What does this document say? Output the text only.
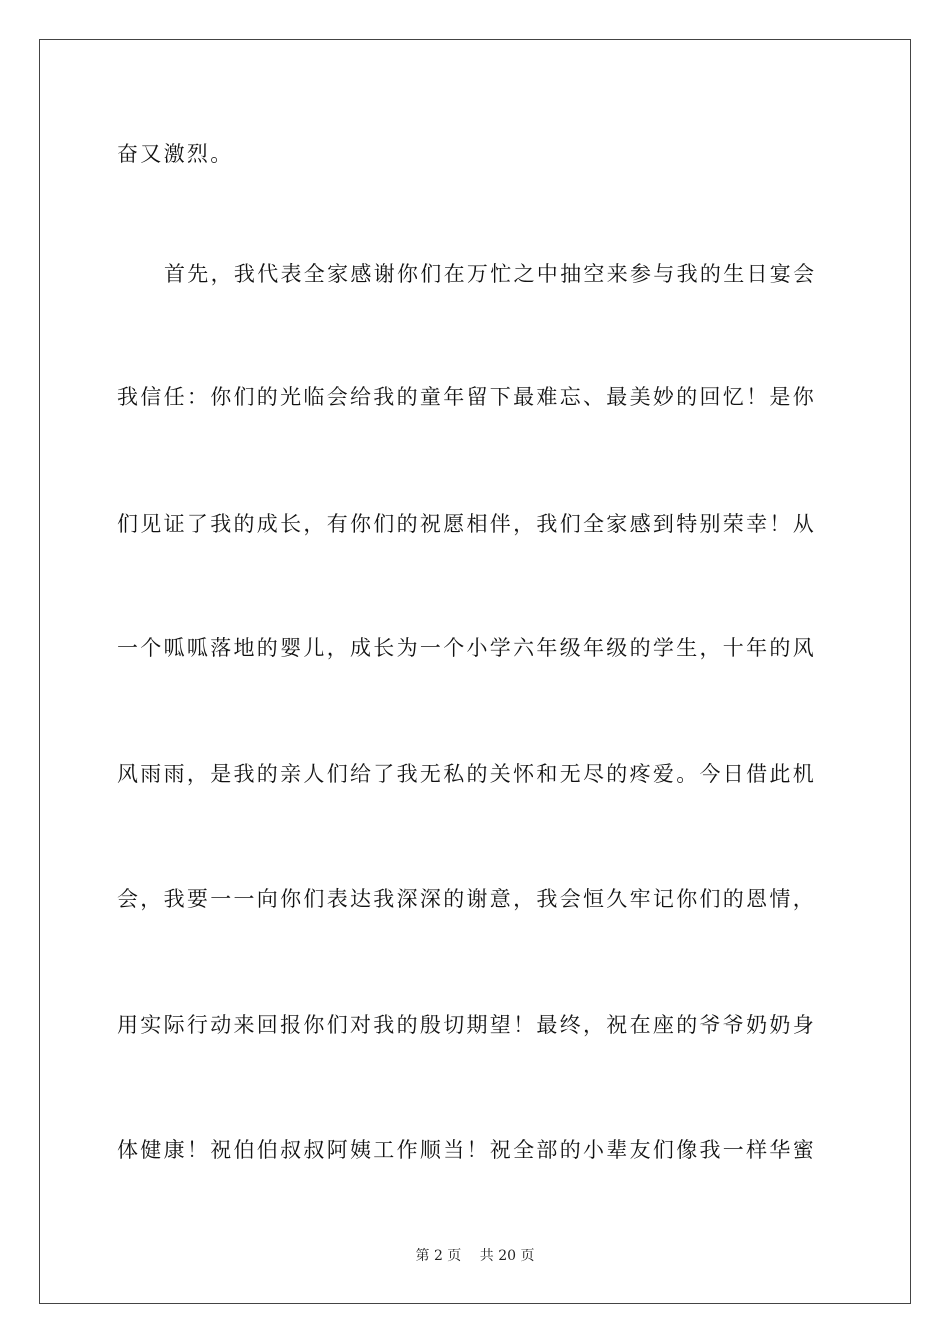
奋又激烈。
首先，我代表全家感谢你们在万忙之中抽空来参与我的生日宴会
我信任：你们的光临会给我的童年留下最难忘、最美妙的回忆！是你
们见证了我的成长，有你们的祝愿相伴，我们全家感到特别荣幸！从
一个呱呱落地的婴儿，成长为一个小学六年级年级的学生，十年的风
风雨雨，是我的亲人们给了我无私的关怀和无尽的疼爱。今日借此机
会，我要一一向你们表达我深深的谢意，我会恒久牢记你们的恩情，
用实际行动来回报你们对我的殷切期望！最终，祝在座的爷爷奶奶身
体健康！祝伯伯叔叔阿姨工作顺当！祝全部的小辈友们像我一样华蜜
第 2 页　 共 20 页
